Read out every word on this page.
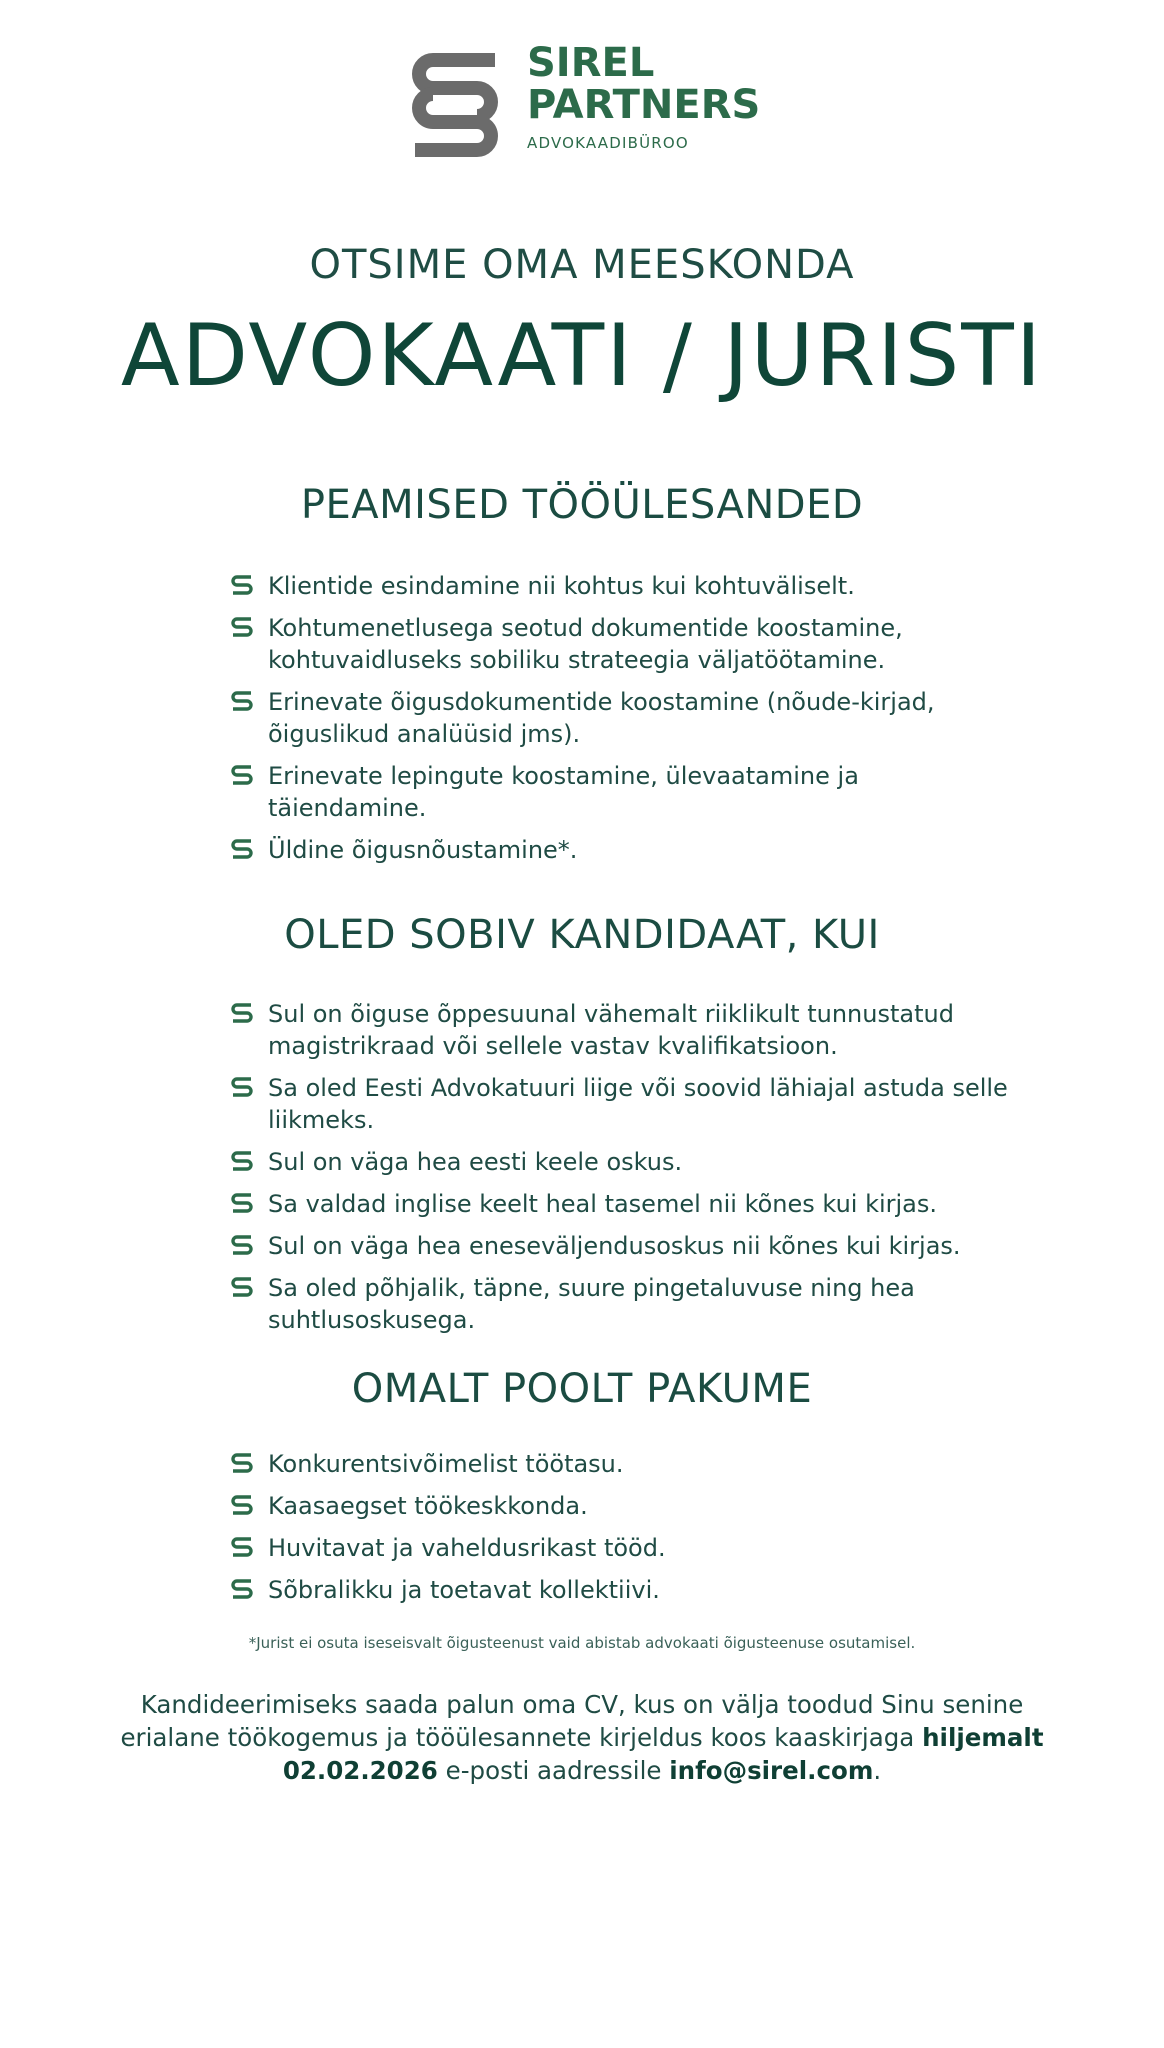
SIREL
PARTNERS
ADVOKAADIBÜROO
OTSIME OMA MEESKONDA
ADVOKAATI / JURISTI
PEAMISED TÖÖÜLESANDED
Klientide esindamine nii kohtus kui kohtuväliselt.
Kohtumenetlusega seotud dokumentide koostamine, kohtuvaidluseks sobiliku strateegia väljatöötamine.
Erinevate õigusdokumentide koostamine (nõude-kirjad, õiguslikud analüüsid jms).
Erinevate lepingute koostamine, ülevaatamine ja täiendamine.
Üldine õigusnõustamine*.
OLED SOBIV KANDIDAAT, KUI
Sul on õiguse õppesuunal vähemalt riiklikult tunnustatud magistrikraad või sellele vastav kvalifikatsioon.
Sa oled Eesti Advokatuuri liige või soovid lähiajal astuda selle liikmeks.
Sul on väga hea eesti keele oskus.
Sa valdad inglise keelt heal tasemel nii kõnes kui kirjas.
Sul on väga hea eneseväljendusoskus nii kõnes kui kirjas.
Sa oled põhjalik, täpne, suure pingetaluvuse ning hea suhtlusoskusega.
OMALT POOLT PAKUME
Konkurentsivõimelist töötasu.
Kaasaegset töökeskkonda.
Huvitavat ja vaheldusrikast tööd.
Sõbralikku ja toetavat kollektiivi.
*Jurist ei osuta iseseisvalt õigusteenust vaid abistab advokaati õigusteenuse osutamisel.
Kandideerimiseks saada palun oma CV, kus on välja toodud Sinu senine erialane töökogemus ja tööülesannete kirjeldus koos kaaskirjaga hiljemalt 02.02.2026 e-posti aadressile info@sirel.com.
